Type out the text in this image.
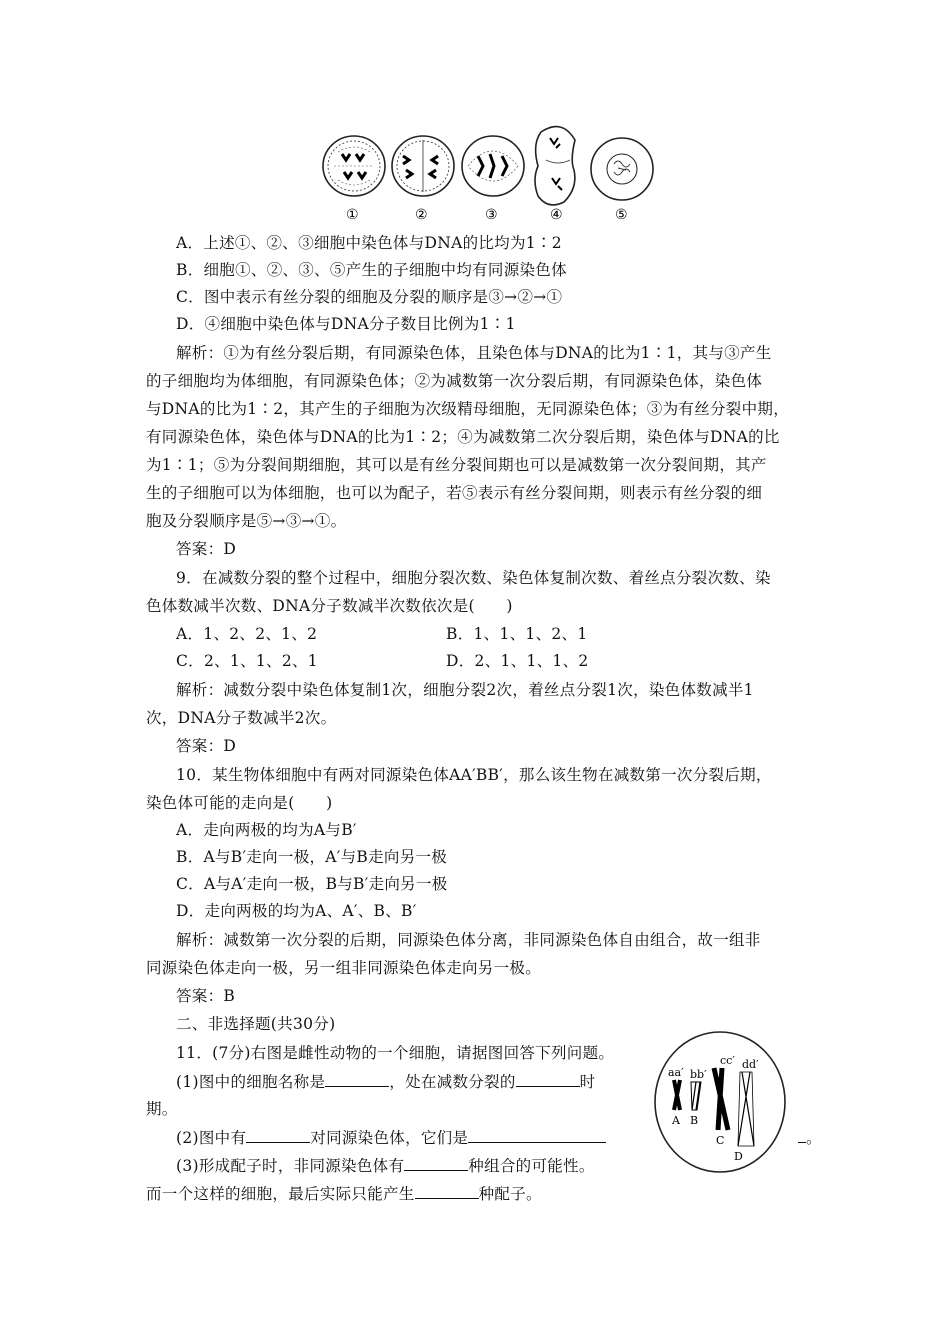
①	②	③	④	⑤
A．上述①、②、③细胞中染色体与DNA的比均为1∶2
B．细胞①、②、③、⑤产生的子细胞中均有同源染色体
C．图中表示有丝分裂的细胞及分裂的顺序是③→②→①
D．④细胞中染色体与DNA分子数目比例为1∶1
解析：①为有丝分裂后期，有同源染色体，且染色体与DNA的比为1∶1，其与③产生
的子细胞均为体细胞，有同源染色体；②为减数第一次分裂后期，有同源染色体，染色体
与DNA的比为1∶2，其产生的子细胞为次级精母细胞，无同源染色体；③为有丝分裂中期，
有同源染色体，染色体与DNA的比为1∶2；④为减数第二次分裂后期，染色体与DNA的比
为1∶1；⑤为分裂间期细胞，其可以是有丝分裂间期也可以是减数第一次分裂间期，其产
生的子细胞可以为体细胞，也可以为配子，若⑤表示有丝分裂间期，则表示有丝分裂的细
胞及分裂顺序是⑤→③→①。
答案：D
9．在减数分裂的整个过程中，细胞分裂次数、染色体复制次数、着丝点分裂次数、染
色体数减半次数、DNA分子数减半次数依次是(　　)
A．1、2、2、1、2	B．1、1、1、2、1
C．2、1、1、2、1	D．2、1、1、1、2
解析：减数分裂中染色体复制1次，细胞分裂2次，着丝点分裂1次，染色体数减半1
次，DNA分子数减半2次。
答案：D
10．某生物体细胞中有两对同源染色体AA′BB′，那么该生物在减数第一次分裂后期，
染色体可能的走向是(　　)
A．走向两极的均为A与B′
B．A与B′走向一极，A′与B走向另一极
C．A与A′走向一极，B与B′走向另一极
D．走向两极的均为A、A′、B、B′
解析：减数第一次分裂的后期，同源染色体分离，非同源染色体自由组合，故一组非
同源染色体走向一极，另一组非同源染色体走向另一极。
答案：B
二、非选择题(共30分)
11．(7分)右图是雌性动物的一个细胞，请据图回答下列问题。
(1)图中的细胞名称是	，处在减数分裂的	时
期。
(2)图中有	对同源染色体，它们是	。
(3)形成配子时，非同源染色体有	种组合的可能性。
而一个这样的细胞，最后实际只能产生	种配子。
aa′ bb′
cc′ dd′
A B
C
D
